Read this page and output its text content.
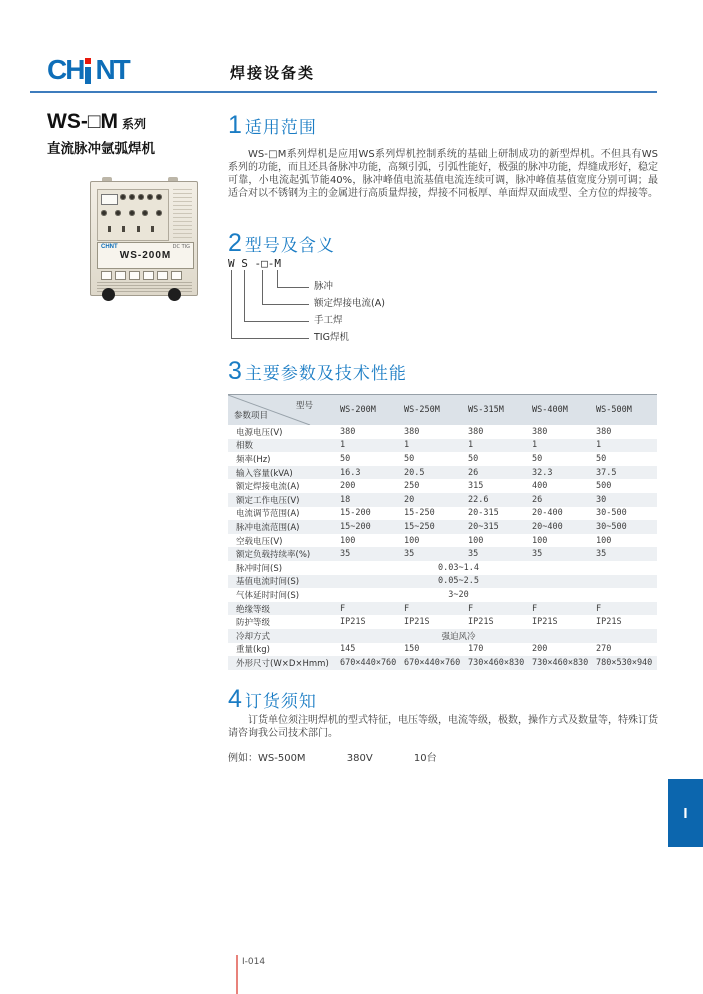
CH NT	焊接设备类
WS-□M 系列
直流脉冲氩弧焊机
CHNT	DC TIG
WS-200M
1 适用范围
WS-□M系列焊机是应用WS系列焊机控制系统的基础上研制成功的新型焊机。不但具有WS系列的功能，而且还具备脉冲功能，高频引弧，引弧性能好，极强的脉冲功能，焊缝成形好，稳定可靠，小电流起弧节能40%，脉冲峰值电流基值电流连续可调，脉冲峰值基值宽度分别可调；最适合对以不锈钢为主的金属进行高质量焊接，焊接不同板厚、单面焊双面成型、全方位的焊接等。
2 型号及含义
W S -□-M
脉冲
额定焊接电流(A)
手工焊
TIG焊机
3 主要参数及技术性能
型号
参数项目	WS-200M	WS-250M	WS-315M	WS-400M	WS-500M
电源电压(V)	380	380	380	380	380
相数	1	1	1	1	1
频率(Hz)	50	50	50	50	50
输入容量(kVA)	16.3	20.5	26	32.3	37.5
额定焊接电流(A)	200	250	315	400	500
额定工作电压(V)	18	20	22.6	26	30
电流调节范围(A)	15-200	15-250	20-315	20-400	30-500
脉冲电流范围(A)	15~200	15~250	20~315	20~400	30~500
空载电压(V)	100	100	100	100	100
额定负载持续率(%)	35	35	35	35	35
脉冲时间(S)	0.03~1.4				
基值电流时间(S)	0.05~2.5				
气体延时时间(S)	3~20				
绝缘等级	F	F	F	F	F
防护等级	IP21S	IP21S	IP21S	IP21S	IP21S
冷却方式	强迫风冷				
重量(kg)	145	150	170	200	270
外形尺寸(W×D×Hmm)	670×440×760	670×440×760	730×460×830	730×460×830	780×530×940
4 订货须知
订货单位须注明焊机的型式特征，电压等级，电流等级，极数，操作方式及数量等，特殊订货请咨询我公司技术部门。
例如：WS-500M	380V	10台
I
I-014
